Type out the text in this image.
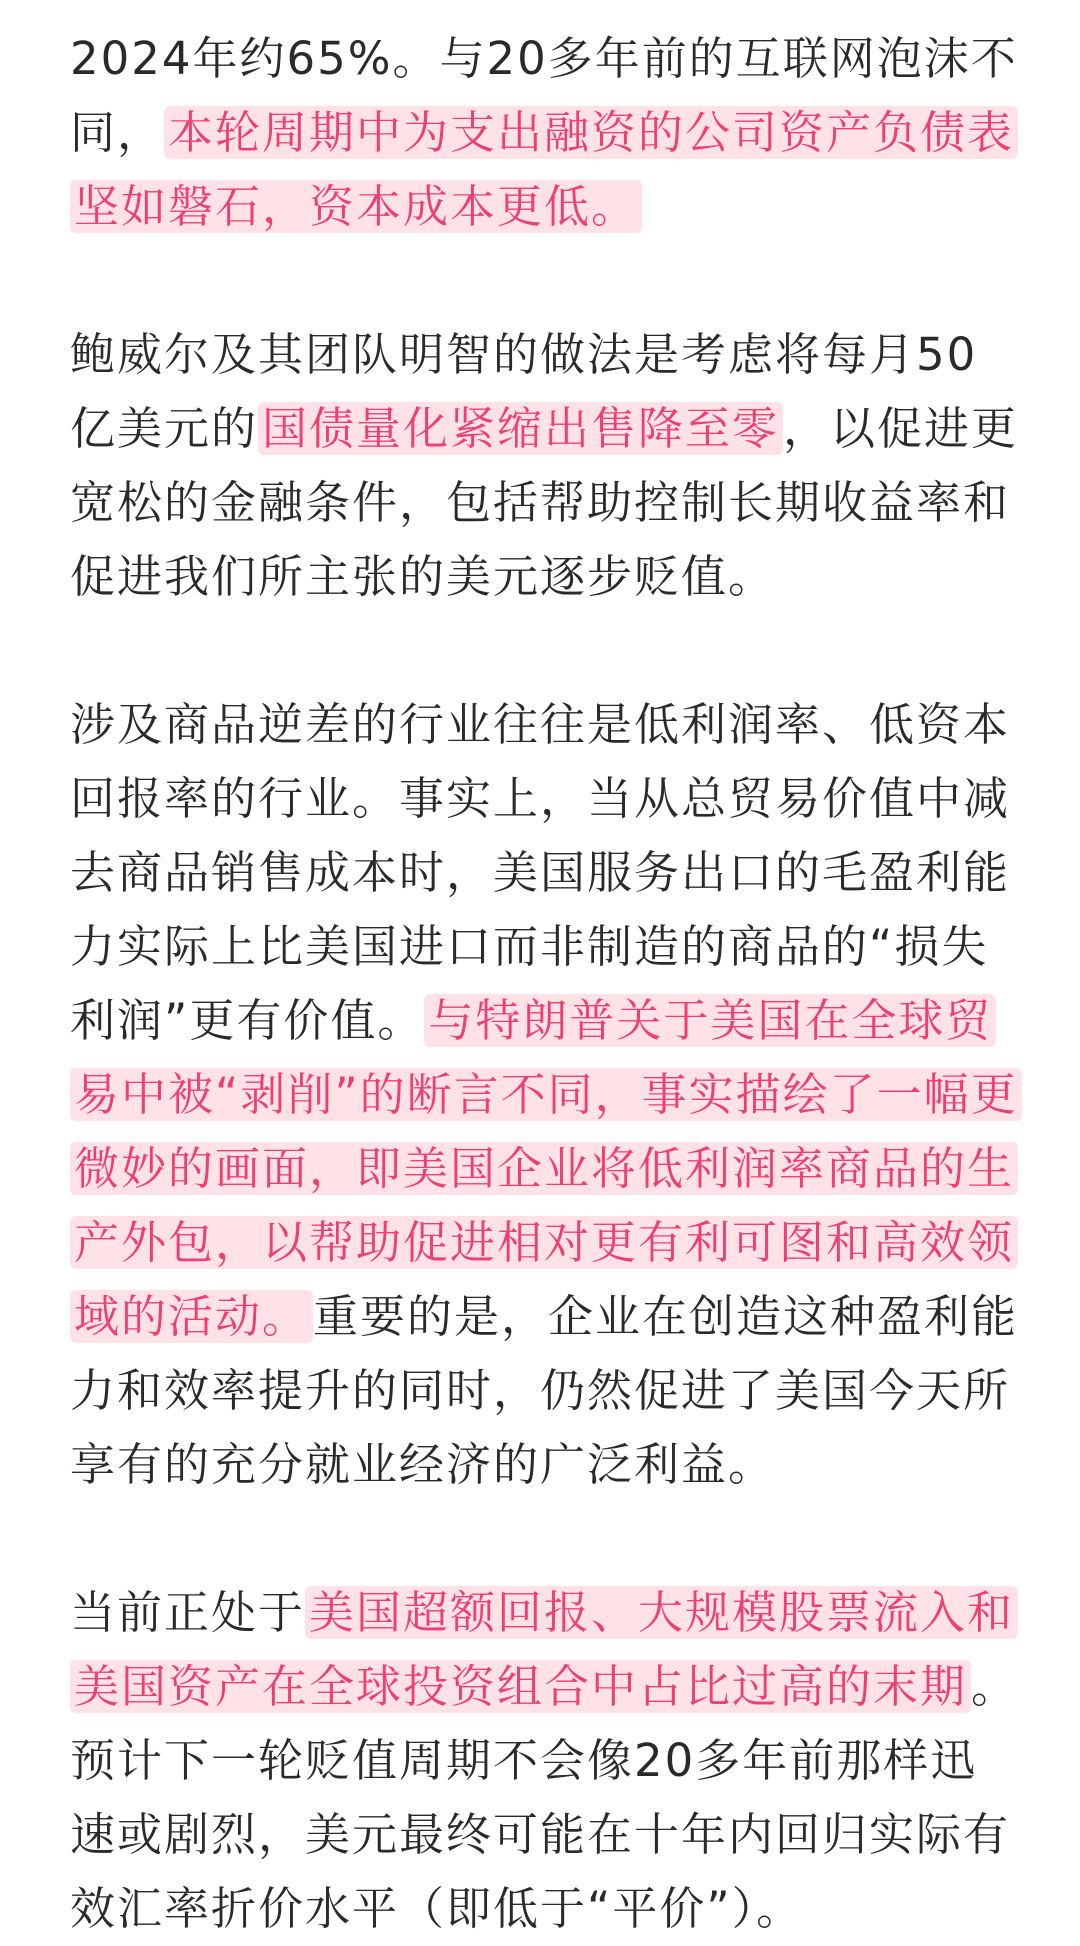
2024年约65%。与20多年前的互联网泡沫不同，本轮周期中为支出融资的公司资产负债表坚如磐石，资本成本更低。

鲍威尔及其团队明智的做法是考虑将每月50亿美元的国债量化紧缩出售降至零，以促进更宽松的金融条件，包括帮助控制长期收益率和促进我们所主张的美元逐步贬值。

涉及商品逆差的行业往往是低利润率、低资本回报率的行业。事实上，当从总贸易价值中减去商品销售成本时，美国服务出口的毛盈利能力实际上比美国进口而非制造的商品的“损失利润”更有价值。与特朗普关于美国在全球贸易中被“剥削”的断言不同，事实描绘了一幅更微妙的画面，即美国企业将低利润率商品的生产外包，以帮助促进相对更有利可图和高效领域的活动。重要的是，企业在创造这种盈利能力和效率提升的同时，仍然促进了美国今天所享有的充分就业经济的广泛利益。

当前正处于美国超额回报、大规模股票流入和美国资产在全球投资组合中占比过高的末期。预计下一轮贬值周期不会像20多年前那样迅速或剧烈，美元最终可能在十年内回归实际有效汇率折价水平（即低于“平价”）。
